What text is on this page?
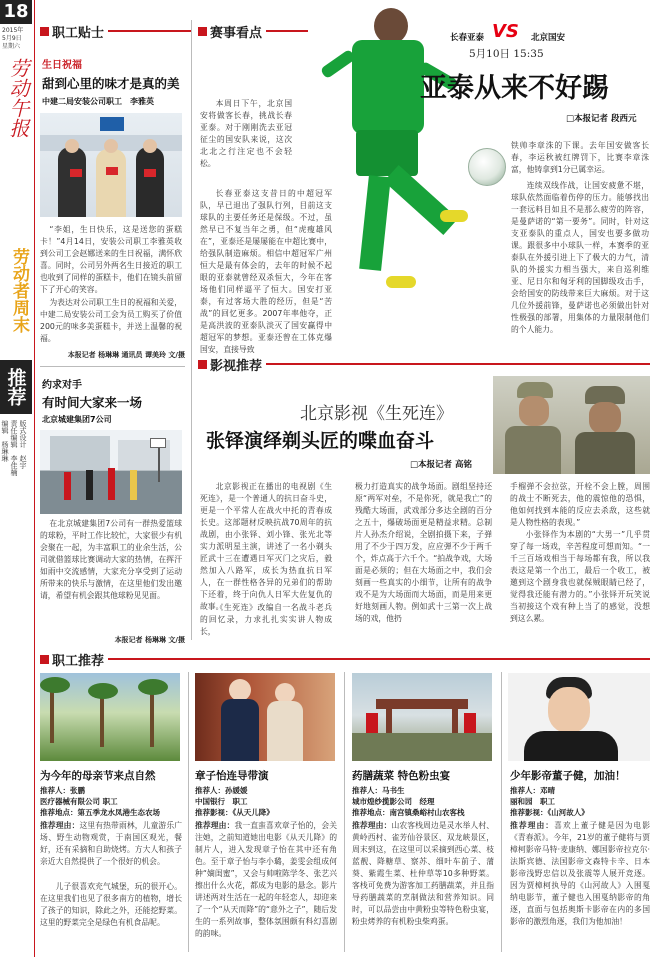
18
2015年
5月9日
星期六
劳动午报
劳动者周末
推荐
版式设计　赵宇
责任编辑　李佳楠
编辑　杨琳琳
职工贴士
生日祝福
甜到心里的味才是真的美
中建二局安装公司职工　李雅英
“李姐，生日快乐，这是送您的蛋糕卡！”4月14日，安装公司职工李雅英收到公司工会赵娜送来的生日祝福，满怀欣喜。同时，公司另外两名生日接近的职工也收到了同样的蛋糕卡，他们在镜头前留下了开心的笑容。
为表达对公司职工生日的祝福和关爱，中建二局安装公司工会为员工购买了价值200元的味多美蛋糕卡，并送上温馨的祝福。
本报记者 杨琳琳 通讯员 谭美玲 文/摄
约求对手
有时间大家来一场
北京城建集团7公司
在北京城建集团7公司有一群热爱篮球的球粉，平时工作比较忙，大家很少有机会聚在一起，为丰富职工的业余生活，公司就借篮球比赛调动大家的热情，在挥汗如雨中交流感情，大家充分享受到了运动所带来的快乐与激情，在这里他们发出邀请，希望有机会跟其他球粉见见面。
本报记者 杨琳琳 文/摄
赛事看点	长春亚泰 VS 北京国安
5月10日 15:35
亚泰从来不好踢
□本报记者 段西元
本周日下午，北京国安将做客长春，挑战长春亚泰。对于刚刚洗去亚冠征尘的国安队来说，这次北北之行注定也不会轻松。
长春亚泰这支昔日的中超冠军队，早已退出了强队行列，目前这支球队的主要任务还是保级。不过，虽然早已不复当年之勇，但“虎瘦雄风在”，亚泰还是屡屡能在中超比赛中，给强队制造麻烦。相信中超冠军广州恒大是最有体会的，去年的时候不起眼的亚泰就曾经双杀恒大，今年在客场他们同样逼平了恒大。国安打亚泰，有过客场大胜的经历，但是“苦战”的回忆更多。2007年率他夺，正是高洪波的亚泰队淡灭了国安赢得中超冠军的梦想。亚泰还曾在工体克爆国安，直接导致
铁帅李章洙的下课。去年国安做客长春，李运秋被红牌罚下，比赛李章洙富，他铸拿到1分已属幸运。
连续双线作战，让国安疲惫不堪，球队依然面临着伤停的压力。能够找出一套远料目如且不是那么疲劳的阵容，是曼萨诺的“第一要务”。同时，针对这支亚泰队的重点人，国安也要多做功课。跟很多中小球队一样，本赛季的亚泰队在外援引进上下了极大的力气，清队的外援实力相当强大，来自巡利维亚、尼日尔和匈牙利的国脚级攻击手，会给国安的防线带来巨大麻烦。对于这几位外援前锋，曼萨诺也必须做出针对性极强的部署，用集体的力量限制他们的个人能力。
影视推荐
北京影视《生死连》
张铎演绎剃头匠的喋血奋斗
□本报记者 高铭
北京影视正在播出的电视剧《生死连》，是一个普通人的抗日奋斗史，更是一个平常人在战火中托的青春成长史。这部题材反映抗战70周年的抗战剧，由小张铎、刘小锋、张光北等实力派明星主演，讲述了一名小剃头匠武十三在遭遇日军灭门之灾后，毅然加入八路军，成长为热血抗日军人，在一群性格各异的兄弟们的帮助下还着，终于向仇人日军大佐复仇的故事。
《生死连》改编自一名战斗老兵的回忆录，力求扎扎实实讲人物成长，
极力打造真实的战争场面。剧组坚持还原“两军对垒，不是你死，就是我亡”的残酷大场面，武戏部分多达全剧的百分之五十，爆破场面更是精益求精。总制片人孙杰介绍说，全剧拍摄下来，子弹用了不少于四万发，应应弹不少于两千个，炸点高于六千个。“拍战争戏，大场面是必须的；但在大场面之中，我们会刻画一些真实的小细节，让所有的战争戏不是为大场面而大场面，而是用来更好地刻画人物。例如武十三第一次上战场的戏，他扔
手榴弹不会拉弦，开栓不会上膛，周围的战士不断死去，他的震惊他的恐惧，他如何找到本能的反应去杀敌，这些就是人物性格的表现。”
小张铎作为本剧的“大男一”几乎贯穿了每一场戏，辛苦程度可想而知。“一千三百场戏相当于每场都有我，所以我表这是第一个出工，最后一个收工，被邀到这个剧身我也就保贼眼睛已经了，觉得我还能有潜力的。”小张铎开玩笑说当初接这个戏有种上当了的感觉，没想到这么累。
职工推荐
为今年的母亲节来点自然
推荐人：张鹏
医疗器械有限公司 职工
推荐地点：第五季龙水凤港生态农场
推荐理由：这里有热带雨林，儿童游乐广场、野生动物观赏，于南国区观光，餐好，还有采摘和自助烧烤。方大人和孩子亲近大自然提供了一个很好的机会。
儿子很喜欢充气城堡，玩的很开心。在这里我们也见了很多南方的植物，增长了孩子的知识，除此之外，还能挖野菜。这里的野菜完全是绿色有机食品呢。
章子怡连导带演
推荐人：孙媛媛
中国银行　职工
推荐影视：《从天儿降》
推荐理由：我一直蛮喜欢章子怡的，会关注她，之前知道她出电影《从天儿降》的制片人，进入发现章子怡在其中还有角色。至于章子怡与李小璐，姜雯会组成何种“嫡闺蜜”，又会与帅啦陈学冬、张艺兴擦出什么火花，都成为电影的悬念。影片讲述两对生活在一起的年轻恋人，却迎来了一个“从天而降”的“意外之子”，随后发生的一系列故事，整体氛围颇有科幻喜剧的韵味。
药膳蔬菜 特色粉虫宴
推荐人：马书生
城市煌纱揽影公司　经理
推荐地点：南宫镇桑峪村山农客栈
推荐理由：山农客栈周边是灵水举人村、黄岭西村、雀芳仙谷景区、双龙峡景区，周末到这，在这里可以采摘到西心菜、枝蓝靓、降糖草、察苏、细叶车前子、蒲葵、紫霞生菜、杜仲草等10多种野菜。客栈可免费为游客加工药膳蔬菜，并且指导药膳蔬菜的烹制做法和营养知识。同时，可以品尝由中黄粉虫等特色粉虫宴，粉虫烤养的有机粉虫柴鸡蛋。
少年影帝董子健，加油！
推荐人：邓晴
丽和园　职工
推荐影视：《山河故人》
推荐理由：喜欢上董子健是因为电影《青春派》。今年，21岁的董子健将与贾樟柯影帝马特·麦康纳、娜国影帝拉克尔·法斯宾德、法国影帝文森特卡辛、日本影帝浅野忠信以及张震等人展开竞逐。因为贾樟柯执导的《山河故人》入围戛纳电影节，董子健也入围戛纳影帝的角逐，直面与包括奥斯卡影帝在内的多国影帝的激烈角逐，我们为他加油！
